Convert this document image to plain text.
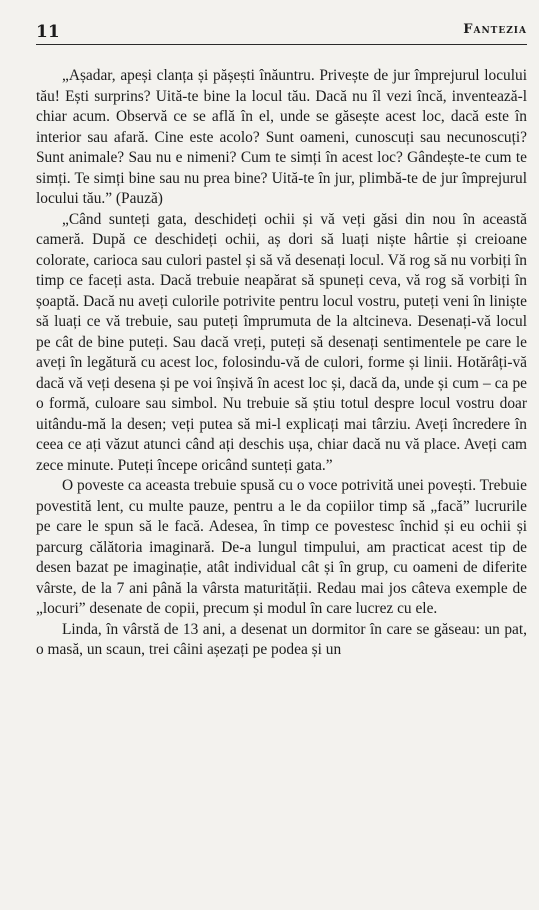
11	Fantezia

„Așadar, apeși clanța și pășești înăuntru. Privește de jur împrejurul locului tău! Ești surprins? Uită-te bine la locul tău. Dacă nu îl vezi încă, inventează-l chiar acum. Observă ce se află în el, unde se găsește acest loc, dacă este în interior sau afară. Cine este acolo? Sunt oameni, cunoscuți sau necunoscuți? Sunt animale? Sau nu e nimeni? Cum te simți în acest loc? Gândește-te cum te simți. Te simți bine sau nu prea bine? Uită-te în jur, plimbă-te de jur împrejurul locului tău.” (Pauză)

„Când sunteți gata, deschideți ochii și vă veți găsi din nou în această cameră. După ce deschideți ochii, aș dori să luați niște hârtie și creioane colorate, carioca sau culori pastel și să vă desenați locul. Vă rog să nu vorbiți în timp ce faceți asta. Dacă trebuie neapărat să spuneți ceva, vă rog să vorbiți în șoaptă. Dacă nu aveți culorile potrivite pentru locul vostru, puteți veni în liniște să luați ce vă trebuie, sau puteți împrumuta de la altcineva. Desenați-vă locul pe cât de bine puteți. Sau dacă vreți, puteți să desenați sentimentele pe care le aveți în legătură cu acest loc, folosindu-vă de culori, forme și linii. Hotărâți-vă dacă vă veți desena și pe voi înșivă în acest loc și, dacă da, unde și cum – ca pe o formă, culoare sau simbol. Nu trebuie să știu totul despre locul vostru doar uitându-mă la desen; veți putea să mi-l explicați mai târziu. Aveți încredere în ceea ce ați văzut atunci când ați deschis ușa, chiar dacă nu vă place. Aveți cam zece minute. Puteți începe oricând sunteți gata.”

O poveste ca aceasta trebuie spusă cu o voce potrivită unei povești. Trebuie povestită lent, cu multe pauze, pentru a le da copiilor timp să „facă” lucrurile pe care le spun să le facă. Adesea, în timp ce povestesc închid și eu ochii și parcurg călătoria imaginară. De-a lungul timpului, am practicat acest tip de desen bazat pe imaginație, atât individual cât și în grup, cu oameni de diferite vârste, de la 7 ani până la vârsta maturității. Redau mai jos câteva exemple de „locuri” desenate de copii, precum și modul în care lucrez cu ele.

Linda, în vârstă de 13 ani, a desenat un dormitor în care se găseau: un pat, o masă, un scaun, trei câini așezați pe podea și un
